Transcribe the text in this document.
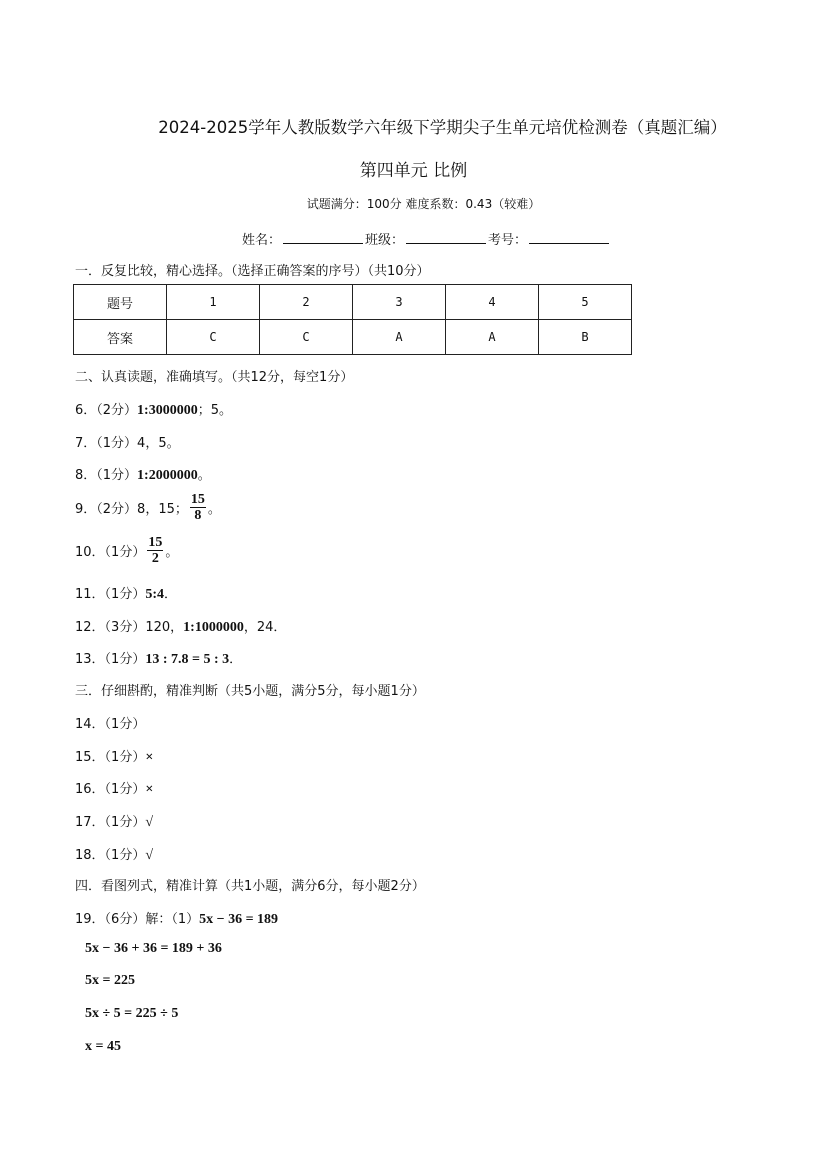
2024-2025学年人教版数学六年级下学期尖子生单元培优检测卷（真题汇编）
第四单元 比例
试题满分：100分 难度系数：0.43（较难）
姓名：	班级：	考号：
一．反复比较，精心选择。（选择正确答案的序号）（共10分）
题号	1	2	3	4	5
答案	C	C	A	A	B
二、认真读题，准确填写。（共12分，每空1分）
6．（2分）1:3000000；5。
7．（1分）4，5。
8．（1分）1:2000000。
9．（2分）8，15； $\frac{15}{8}$ 。
10．（1分） $\frac{15}{2}$ 。
11．（1分）5:4．
12．（3分）120，1:1000000，24．
13．（1分）13 : 7.8 = 5 : 3．
三．仔细斟酌，精准判断（共5小题，满分5分，每小题1分）
14．（1分）
15．（1分）×
16．（1分）×
17．（1分）√
18．（1分）√
四．看图列式，精准计算（共1小题，满分6分，每小题2分）
19．（6分）解：（1）5x − 36 = 189
5x − 36 + 36 = 189 + 36
5x = 225
5x ÷ 5 = 225 ÷ 5
x = 45
